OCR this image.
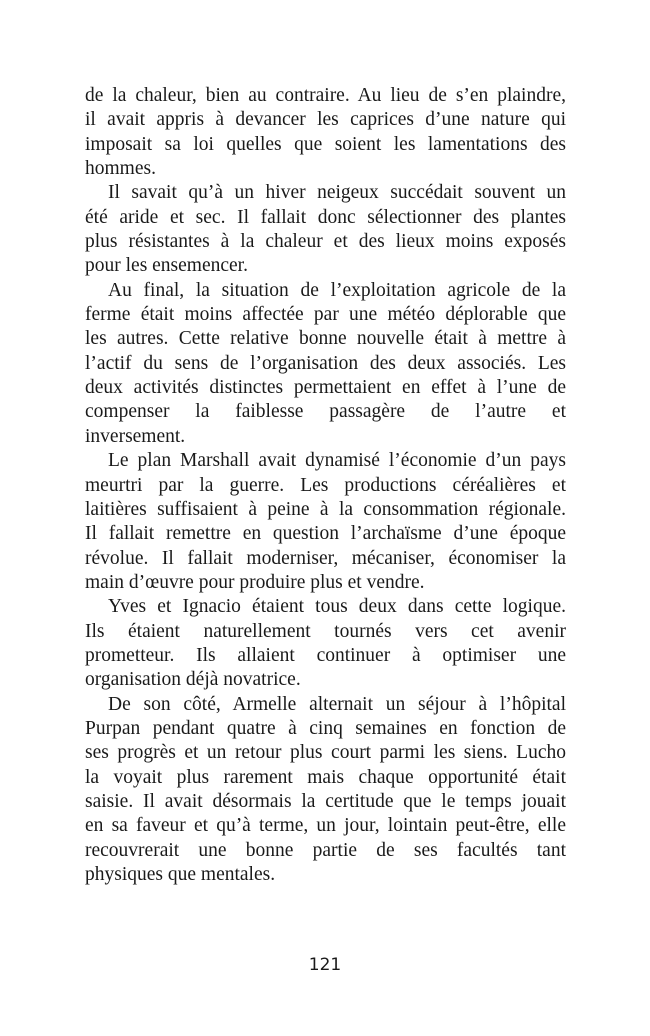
de la chaleur, bien au contraire. Au lieu de s’en plaindre,
il avait appris à devancer les caprices d’une nature qui
imposait sa loi quelles que soient les lamentations des
hommes.
Il savait qu’à un hiver neigeux succédait souvent un
été aride et sec. Il fallait donc sélectionner des plantes
plus résistantes à la chaleur et des lieux moins exposés
pour les ensemencer.
Au final, la situation de l’exploitation agricole de la
ferme était moins affectée par une météo déplorable que
les autres. Cette relative bonne nouvelle était à mettre à
l’actif du sens de l’organisation des deux associés. Les
deux activités distinctes permettaient en effet à l’une de
compenser la faiblesse passagère de l’autre et
inversement.
Le plan Marshall avait dynamisé l’économie d’un pays
meurtri par la guerre. Les productions céréalières et
laitières suffisaient à peine à la consommation régionale.
Il fallait remettre en question l’archaïsme d’une époque
révolue. Il fallait moderniser, mécaniser, économiser la
main d’œuvre pour produire plus et vendre.
Yves et Ignacio étaient tous deux dans cette logique.
Ils étaient naturellement tournés vers cet avenir
prometteur. Ils allaient continuer à optimiser une
organisation déjà novatrice.
De son côté, Armelle alternait un séjour à l’hôpital
Purpan pendant quatre à cinq semaines en fonction de
ses progrès et un retour plus court parmi les siens. Lucho
la voyait plus rarement mais chaque opportunité était
saisie. Il avait désormais la certitude que le temps jouait
en sa faveur et qu’à terme, un jour, lointain peut-être, elle
recouvrerait une bonne partie de ses facultés tant
physiques que mentales.
121
